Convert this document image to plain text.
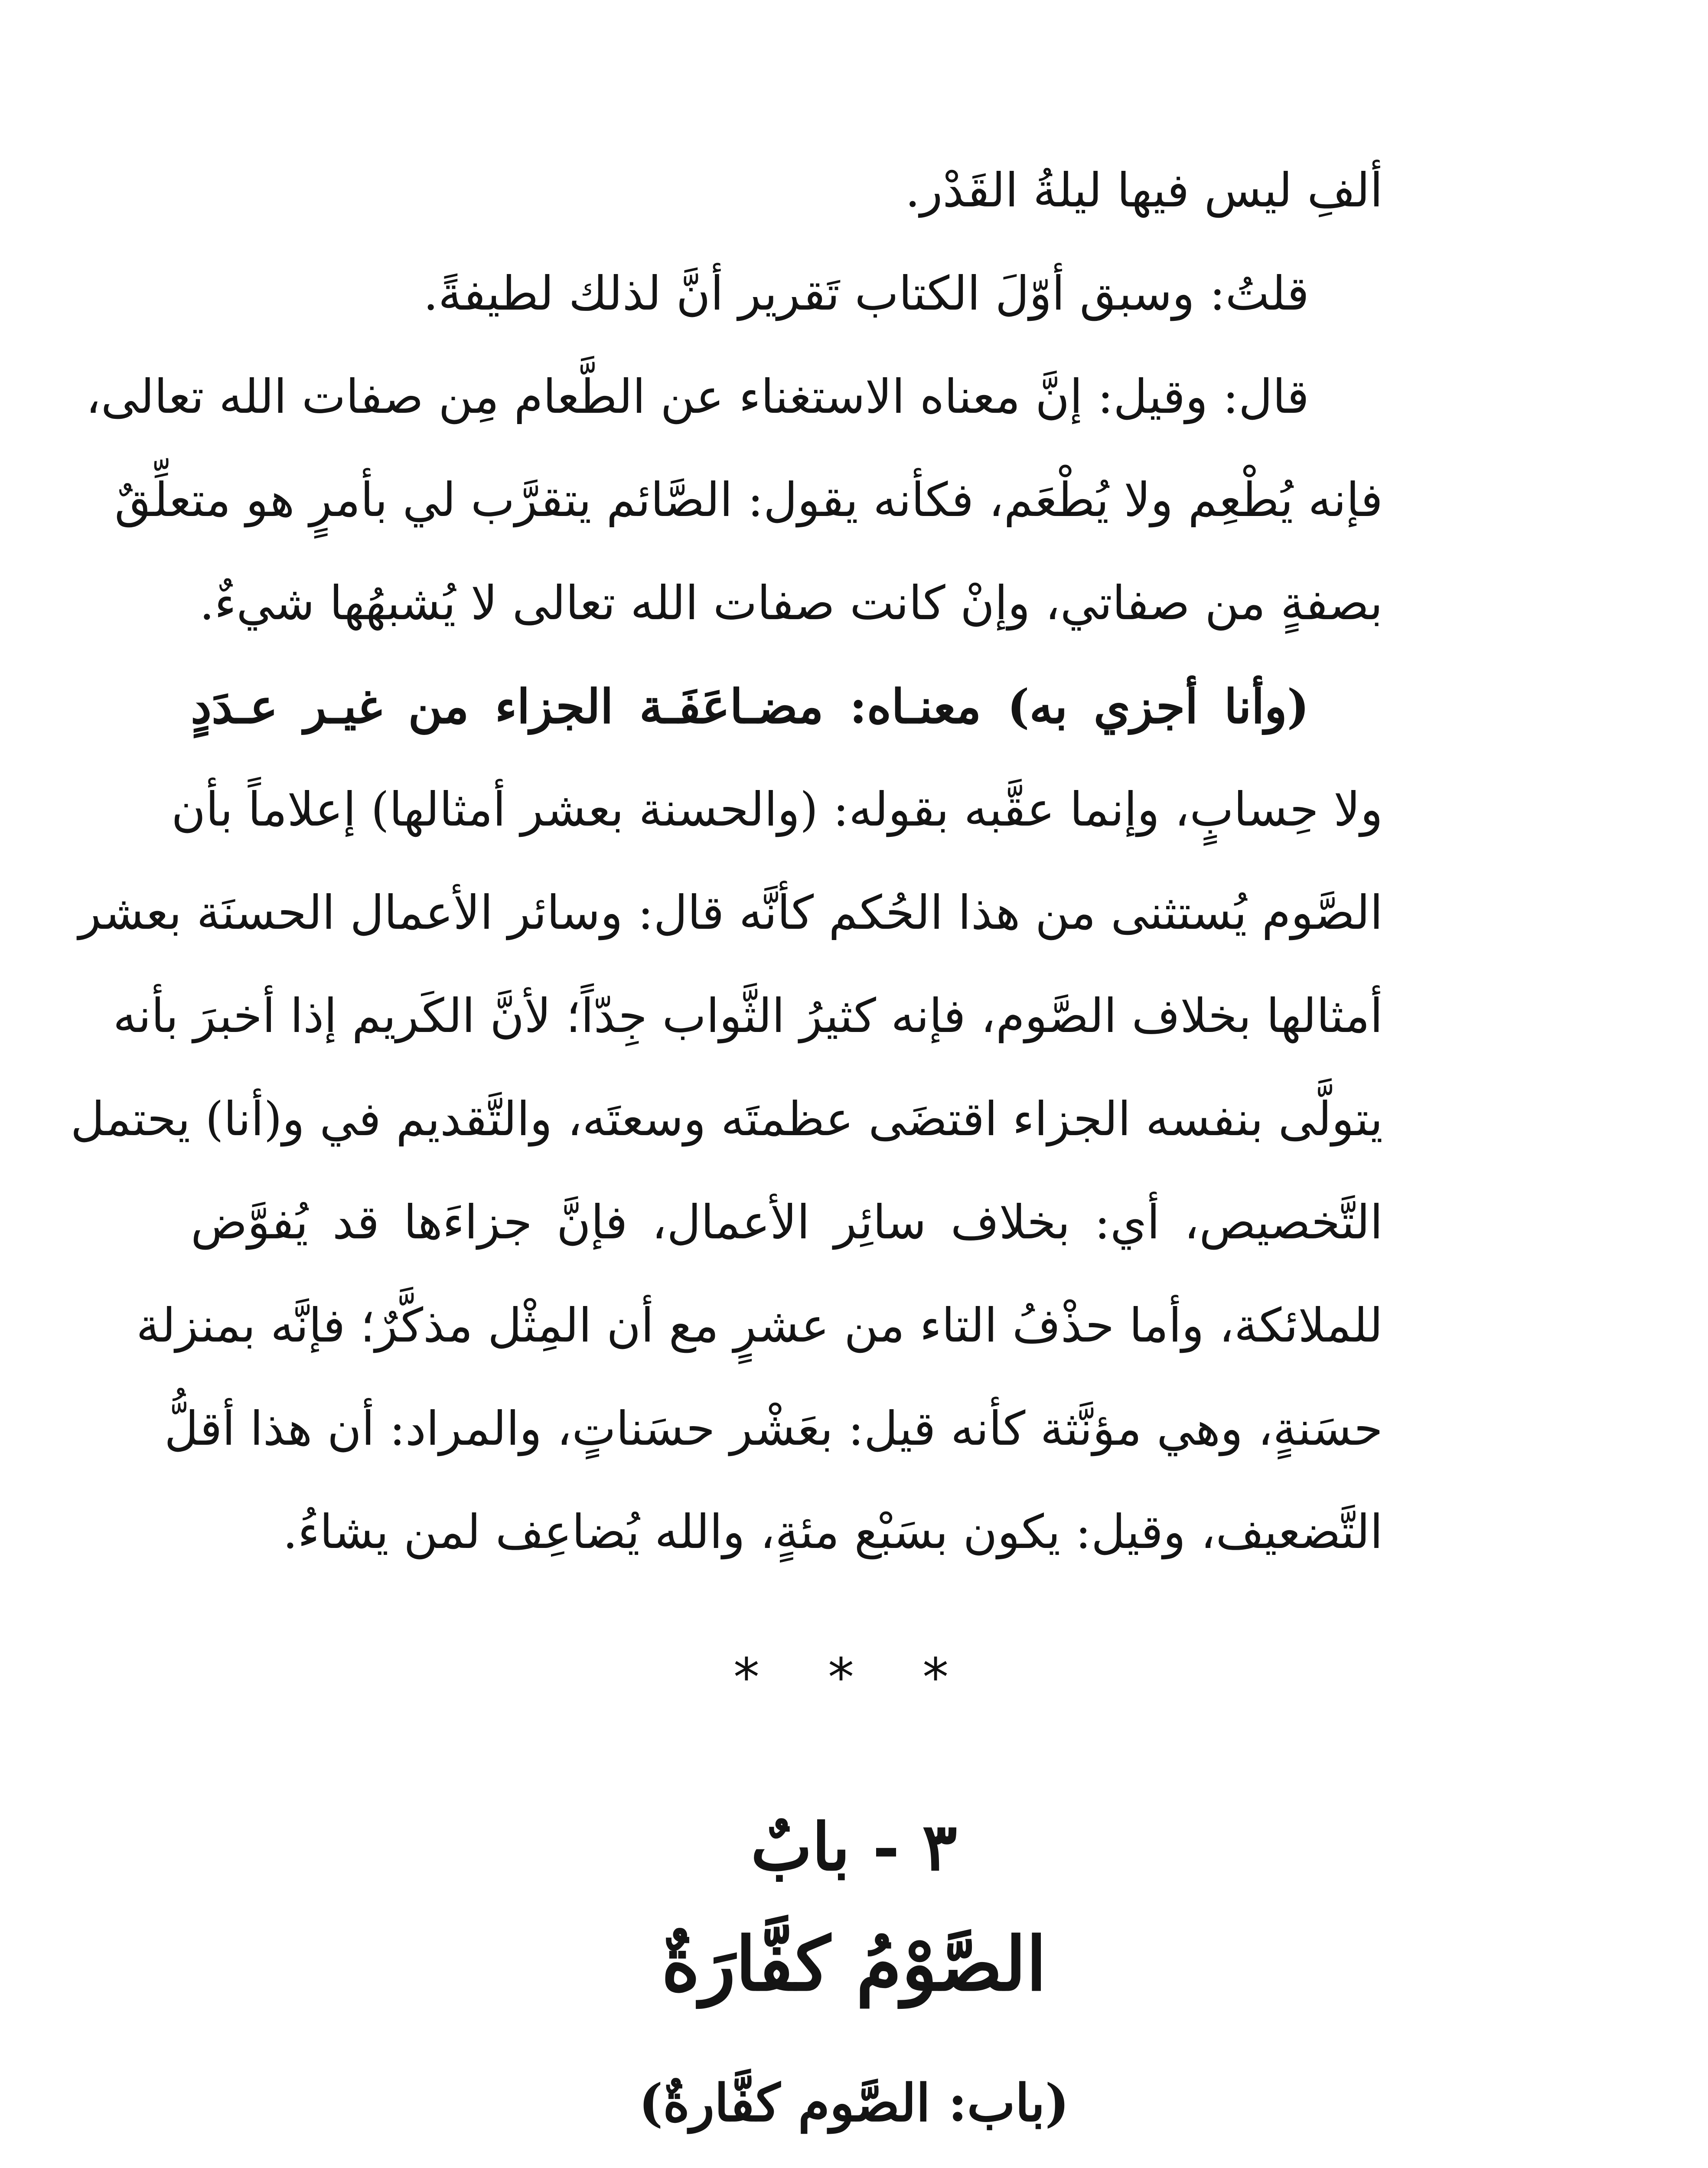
ألفِ ليس فيها ليلةُ القَدْر.
قلتُ: وسبق أوّلَ الكتاب تَقرير أنَّ لذلك لطيفةً.
قال: وقيل: إنَّ معناه الاستغناء عن الطَّعام مِن صفات الله تعالى،
فإنه يُطْعِم ولا يُطْعَم، فكأنه يقول: الصَّائم يتقرَّب لي بأمرٍ هو متعلِّقٌ
بصفةٍ من صفاتي، وإنْ كانت صفات الله تعالى لا يُشبهُها شيءٌ.
(وأنا أجزي به) معنـاه: مضـاعَفَـة الجزاء من غيـر عـدَدٍ
ولا حِسابٍ، وإنما عقَّبه بقوله: (والحسنة بعشر أمثالها) إعلاماً بأن
الصَّوم يُستثنى من هذا الحُكم كأنَّه قال: وسائر الأعمال الحسنَة بعشر
أمثالها بخلاف الصَّوم، فإنه كثيرُ الثَّواب جِدّاً؛ لأنَّ الكَريم إذا أخبرَ بأنه
يتولَّى بنفسه الجزاء اقتضَى عظمتَه وسعتَه، والتَّقديم في و(أنا) يحتمل
التَّخصيص، أي: بخلاف سائِر الأعمال، فإنَّ جزاءَها قد يُفوَّض
للملائكة، وأما حذْفُ التاء من عشرٍ مع أن المِثْل مذكَّرٌ؛ فإنَّه بمنزلة
حسَنةٍ، وهي مؤنَّثة كأنه قيل: بعَشْر حسَناتٍ، والمراد: أن هذا أقلُّ
التَّضعيف، وقيل: يكون بسَبْع مئةٍ، والله يُضاعِف لمن يشاءُ.
* * *
٣ - بابٌ
الصَّوْمُ كفَّارَةٌ
(باب: الصَّوم كفَّارةٌ)
